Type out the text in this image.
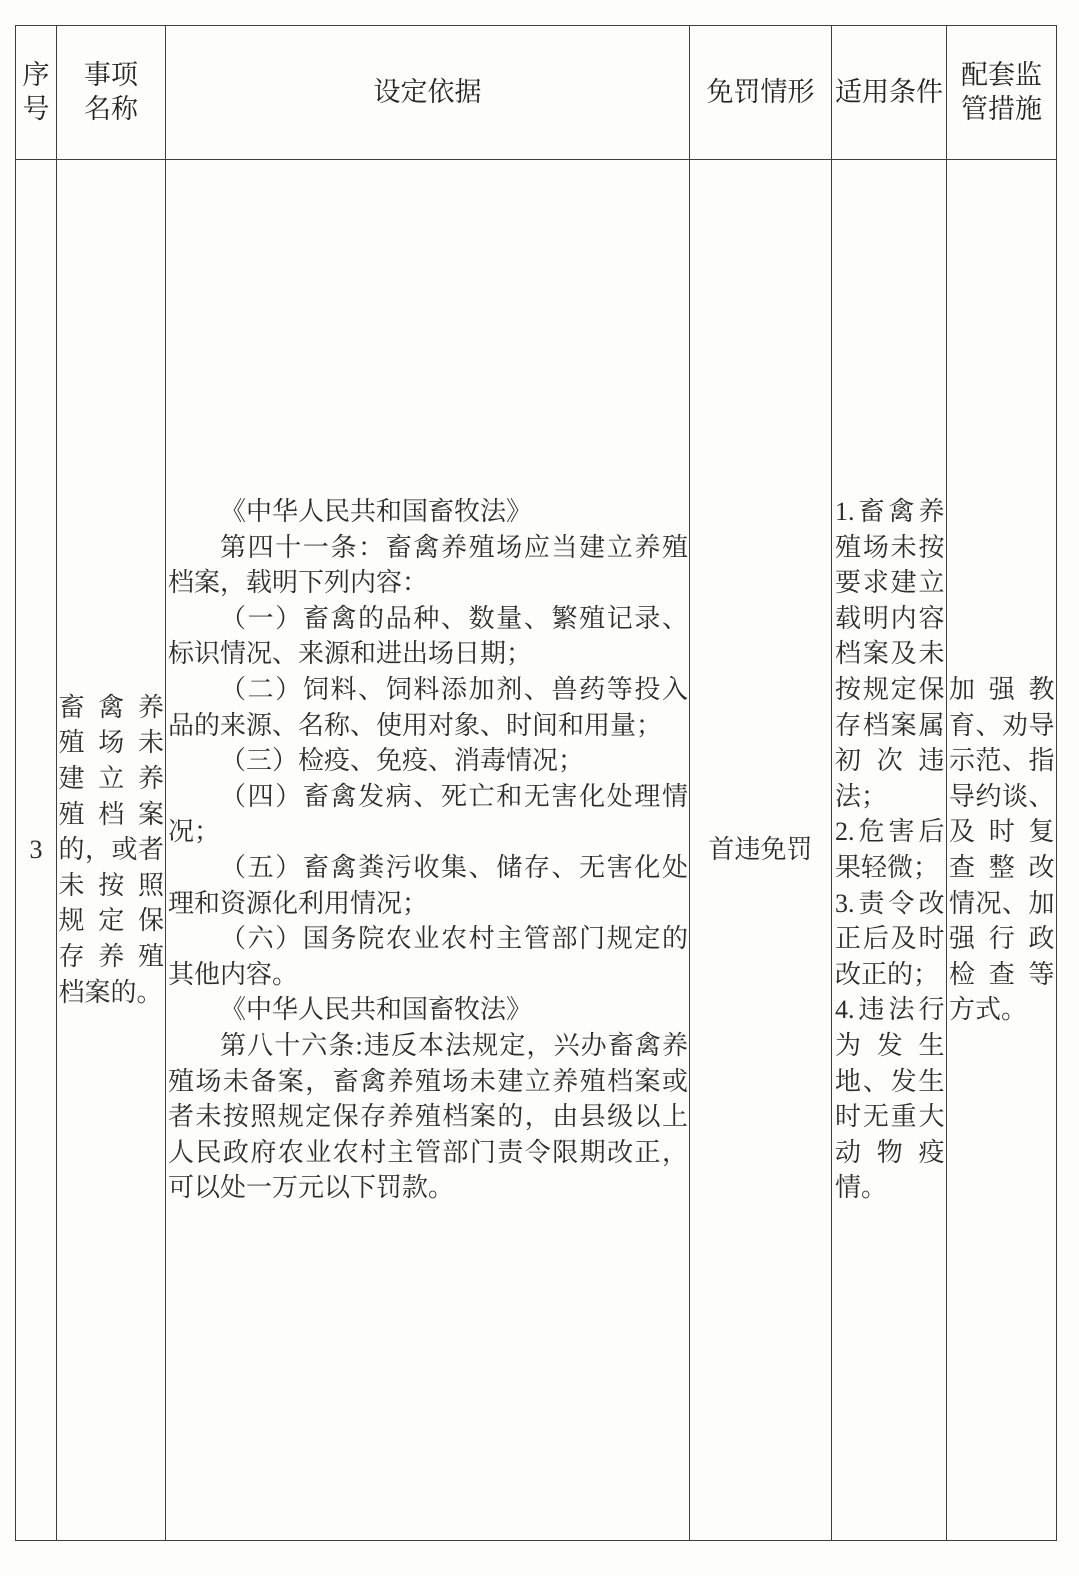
序
号
事项
名称
设定依据	免罚情形 适用条件
配套监
管措施
3
畜禽养
殖场未
建立养
殖档案
的，或者
未按照
规定保
存养殖
档案的。
《中华人民共和国畜牧法》
第四十一条：畜禽养殖场应当建立养殖
档案，载明下列内容：
（一）畜禽的品种、数量、繁殖记录、
标识情况、来源和进出场日期；
（二）饲料、饲料添加剂、兽药等投入
品的来源、名称、使用对象、时间和用量；
（三）检疫、免疫、消毒情况；
（四）畜禽发病、死亡和无害化处理情
况；
（五）畜禽粪污收集、储存、无害化处
理和资源化利用情况；
（六）国务院农业农村主管部门规定的
其他内容。
《中华人民共和国畜牧法》
第八十六条:违反本法规定，兴办畜禽养
殖场未备案，畜禽养殖场未建立养殖档案或
者未按照规定保存养殖档案的，由县级以上
人民政府农业农村主管部门责令限期改正，
可以处一万元以下罚款。
首违免罚
1.畜禽养
殖场未按
要求建立
载明内容
档案及未
按规定保
存档案属
初次违
法；
2.危害后
果轻微；
3.责令改
正后及时
改正的；
4.违法行
为发生
地、发生
时无重大
动物疫
情。
加强教
育、劝导
示范、指
导约谈、
及时复
查整改
情况、加
强行政
检查等
方式。
